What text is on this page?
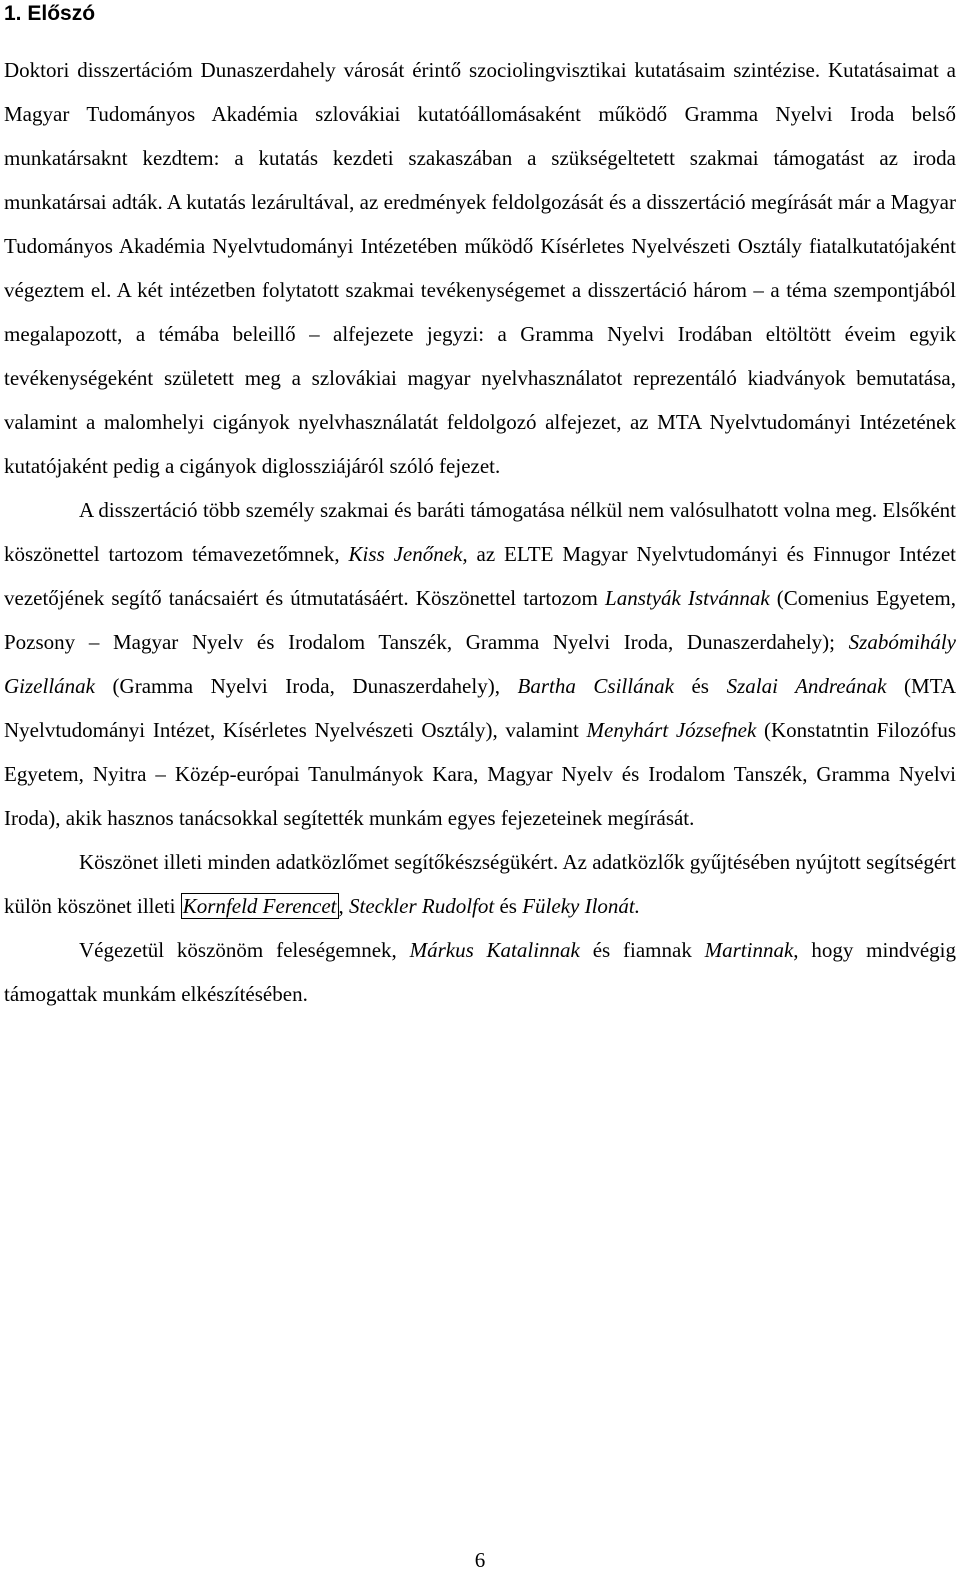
1. Előszó

Doktori disszertációm Dunaszerdahely városát érintő szociolingvisztikai kutatásaim szintézise. Kutatásaimat a Magyar Tudományos Akadémia szlovákiai kutatóállomásaként működő Gramma Nyelvi Iroda belső munkatársaknt kezdtem: a kutatás kezdeti szakaszában a szükségeltetett szakmai támogatást az iroda munkatársai adták. A kutatás lezárultával, az eredmények feldolgozását és a disszertáció megírását már a Magyar Tudományos Akadémia Nyelvtudományi Intézetében működő Kísérletes Nyelvészeti Osztály fiatalkutatójaként végeztem el. A két intézetben folytatott szakmai tevékenységemet a disszertáció három – a téma szempontjából megalapozott, a témába beleillő – alfejezete jegyzi: a Gramma Nyelvi Irodában eltöltött éveim egyik tevékenységeként született meg a szlovákiai magyar nyelvhasználatot reprezentáló kiadványok bemutatása, valamint a malomhelyi cigányok nyelvhasználatát feldolgozó alfejezet, az MTA Nyelvtudományi Intézetének kutatójaként pedig a cigányok diglossziájáról szóló fejezet.

A disszertáció több személy szakmai és baráti támogatása nélkül nem valósulhatott volna meg. Elsőként köszönettel tartozom témavezetőmnek, Kiss Jenőnek, az ELTE Magyar Nyelvtudományi és Finnugor Intézet vezetőjének segítő tanácsaiért és útmutatásáért. Köszönettel tartozom Lanstyák Istvánnak (Comenius Egyetem, Pozsony – Magyar Nyelv és Irodalom Tanszék, Gramma Nyelvi Iroda, Dunaszerdahely); Szabómihály Gizellának (Gramma Nyelvi Iroda, Dunaszerdahely), Bartha Csillának és Szalai Andreának (MTA Nyelvtudományi Intézet, Kísérletes Nyelvészeti Osztály), valamint Menyhárt Józsefnek (Konstatntin Filozófus Egyetem, Nyitra – Közép-európai Tanulmányok Kara, Magyar Nyelv és Irodalom Tanszék, Gramma Nyelvi Iroda), akik hasznos tanácsokkal segítették munkám egyes fejezeteinek megírását.

Köszönet illeti minden adatközlőmet segítőkészségükért. Az adatközlők gyűjtésében nyújtott segítségért külön köszönet illeti Kornfeld Ferencet, Steckler Rudolfot és Füleky Ilonát.

Végezetül köszönöm feleségemnek, Márkus Katalinnak és fiamnak Martinnak, hogy mindvégig támogattak munkám elkészítésében.

6
